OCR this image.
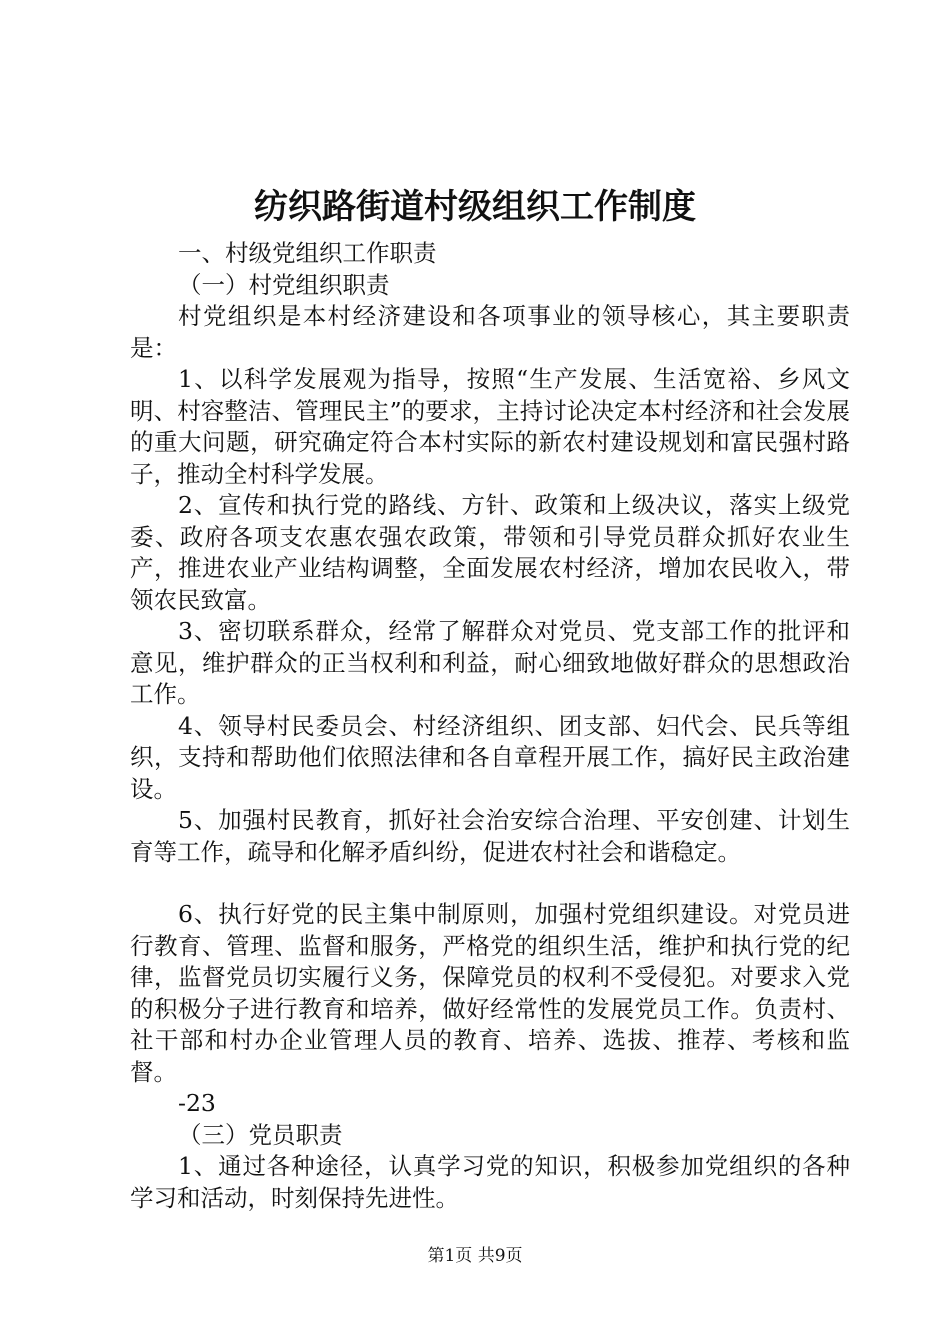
纺织路街道村级组织工作制度

一、村级党组织工作职责

（一）村党组织职责

村党组织是本村经济建设和各项事业的领导核心，其主要职责是：

1、以科学发展观为指导，按照“生产发展、生活宽裕、乡风文明、村容整洁、管理民主”的要求，主持讨论决定本村经济和社会发展的重大问题，研究确定符合本村实际的新农村建设规划和富民强村路子，推动全村科学发展。

2、宣传和执行党的路线、方针、政策和上级决议，落实上级党委、政府各项支农惠农强农政策，带领和引导党员群众抓好农业生产，推进农业产业结构调整，全面发展农村经济，增加农民收入，带领农民致富。

3、密切联系群众，经常了解群众对党员、党支部工作的批评和意见，维护群众的正当权利和利益，耐心细致地做好群众的思想政治工作。

4、领导村民委员会、村经济组织、团支部、妇代会、民兵等组织，支持和帮助他们依照法律和各自章程开展工作，搞好民主政治建设。

5、加强村民教育，抓好社会治安综合治理、平安创建、计划生育等工作，疏导和化解矛盾纠纷，促进农村社会和谐稳定。

6、执行好党的民主集中制原则，加强村党组织建设。对党员进行教育、管理、监督和服务，严格党的组织生活，维护和执行党的纪律，监督党员切实履行义务，保障党员的权利不受侵犯。对要求入党的积极分子进行教育和培养，做好经常性的发展党员工作。负责村、社干部和村办企业管理人员的教育、培养、选拔、推荐、考核和监督。

-23

（三）党员职责

1、通过各种途径，认真学习党的知识，积极参加党组织的各种学习和活动，时刻保持先进性。

第1页 共9页
